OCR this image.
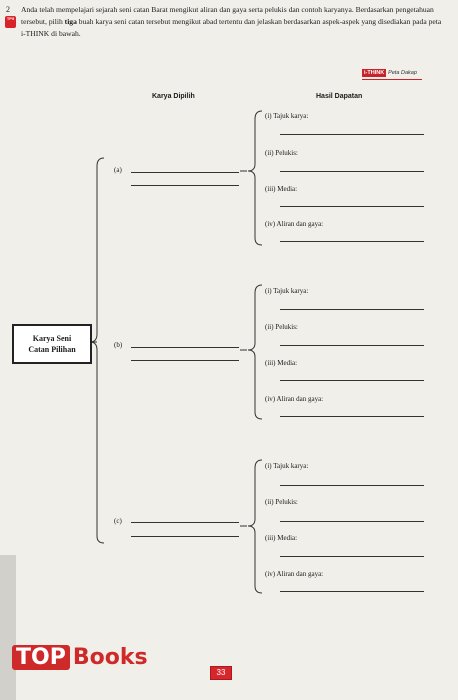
2
TP5
Anda telah mempelajari sejarah seni catan Barat mengikut aliran dan gaya serta pelukis dan contoh karyanya. Berdasarkan pengetahuan tersebut, pilih tiga buah karya seni catan tersebut mengikut abad tertentu dan jelaskan berdasarkan aspek-aspek yang disediakan pada peta i-THINK di bawah.
i-THINK Peta Dakap
Karya Dipilih	Hasil Dapatan
Karya Seni
Catan Pilihan
(a)
(i) Tajuk karya:
(ii) Pelukis:
(iii) Media:
(iv) Aliran dan gaya:
(b)
(i) Tajuk karya:
(ii) Pelukis:
(iii) Media:
(iv) Aliran dan gaya:
(c)
(i) Tajuk karya:
(ii) Pelukis:
(iii) Media:
(iv) Aliran dan gaya:
TOP Books
33
